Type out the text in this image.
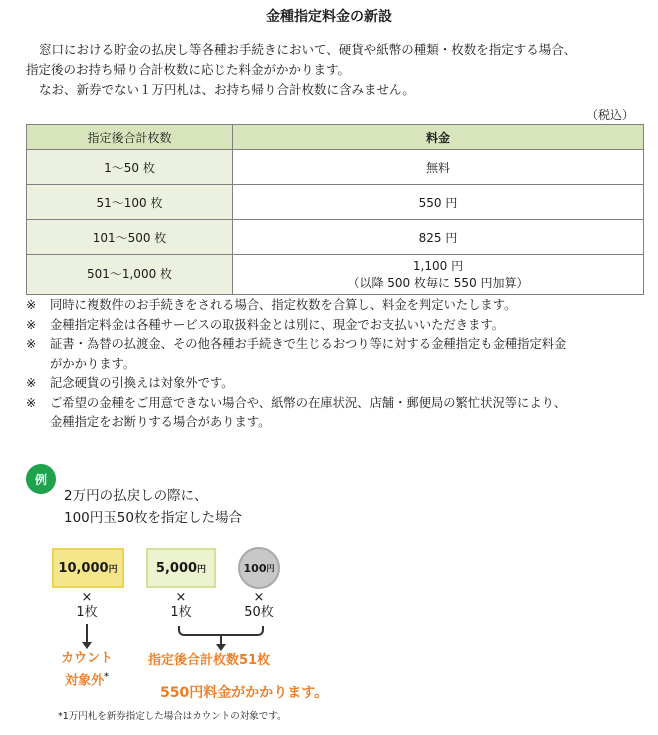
金種指定料金の新設

窓口における貯金の払戻し等各種お手続きにおいて、硬貨や紙幣の種類・枚数を指定する場合、

指定後のお持ち帰り合計枚数に応じた料金がかかります。

なお、新券でない１万円札は、お持ち帰り合計枚数に含みません。

（税込）
指定後合計枚数	料金
1～50 枚	無料
51～100 枚	550 円
101～500 枚	825 円
501～1,000 枚	1,100 円
（以降 500 枚毎に 550 円加算）
※	同時に複数件のお手続きをされる場合、指定枚数を合算し、料金を判定いたします。
※	金種指定料金は各種サービスの取扱料金とは別に、現金でお支払いいただきます。
※	証書・為替の払渡金、その他各種お手続きで生じるおつり等に対する金種指定も金種指定料金
がかかります。
※	記念硬貨の引換えは対象外です。
※	ご希望の金種をご用意できない場合や、紙幣の在庫状況、店舗・郵便局の繁忙状況等により、
金種指定をお断りする場合があります。
例
2万円の払戻しの際に、
100円玉50枚を指定した場合
10,000 円	5,000 円	100 円
×
1枚
×
1枚
×
50枚
カウント
対象外*
指定後合計枚数51枚
550円料金がかかります。
*1万円札を新券指定した場合はカウントの対象です。
